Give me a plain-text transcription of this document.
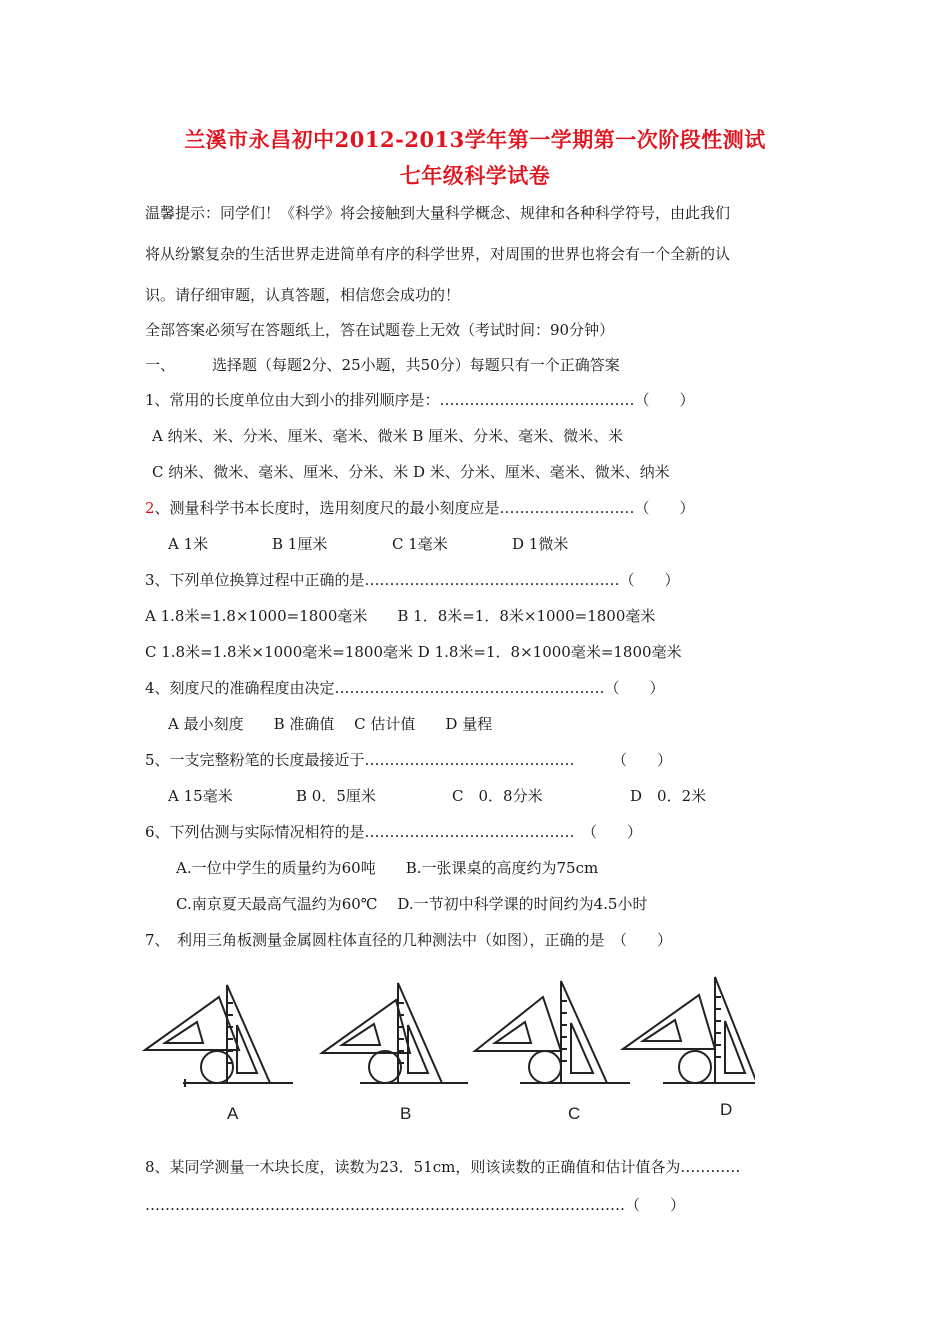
兰溪市永昌初中2012-2013学年第一学期第一次阶段性测试
七年级科学试卷
温馨提示：同学们！《科学》将会接触到大量科学概念、规律和各种科学符号，由此我们
将从纷繁复杂的生活世界走进简单有序的科学世界，对周围的世界也将会有一个全新的认
识。请仔细审题，认真答题，相信您会成功的！
全部答案必须写在答题纸上，答在试题卷上无效（考试时间：90分钟）
一、 选择题（每题2分、25小题，共50分）每题只有一个正确答案
1、常用的长度单位由大到小的排列顺序是：…………………………………（　　）
A 纳米、米、分米、厘米、毫米、微米 B 厘米、分米、毫米、微米、米
C 纳米、微米、毫米、厘米、分米、米 D 米、分米、厘米、毫米、微米、纳米
2、测量科学书本长度时，选用刻度尺的最小刻度应是………………………（　　）
A 1米	B 1厘米	C 1毫米	D 1微米
3、下列单位换算过程中正确的是……………………………………………（　　）
A 1.8米=1.8×1000=1800毫米　　B 1．8米=1．8米×1000=1800毫米
C 1.8米=1.8米×1000毫米=1800毫米 D 1.8米=1．8×1000毫米=1800毫米
4、刻度尺的准确程度由决定………………………………………………（　　）
A 最小刻度　　B 准确值　 C 估计值　　D 量程
5、一支完整粉笔的长度最接近于……………………………………　　　（　　）
A 15毫米	B 0．5厘米	C　0．8分米	D　0．2米
6、下列估测与实际情况相符的是……………………………………　（　　）
A.一位中学生的质量约为60吨　　B.一张课桌的高度约为75cm
C.南京夏天最高气温约为60℃　 D.一节初中科学课的时间约为4.5小时
7、　利用三角板测量金属圆柱体直径的几种测法中（如图），正确的是　（　　）
A	B	C	D
8、某同学测量一木块长度，读数为23．51cm，则该读数的正确值和估计值各为…………
……………………………………………………………………………………（　　）
